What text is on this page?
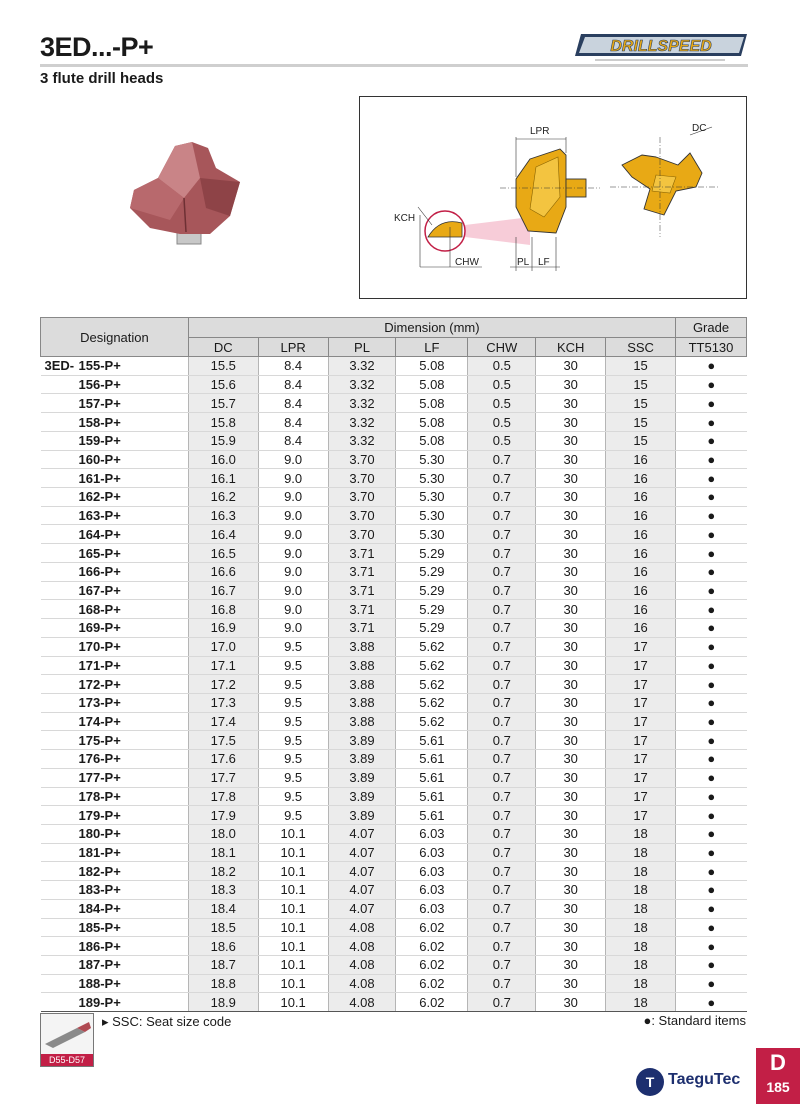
3ED...-P+
3 flute drill heads
DRILLSPEED
KCH
CHW
LPR
PL LF
DC
Designation	Dimension (mm)							Grade
	DC	LPR	PL	LF	CHW	KCH	SSC	TT5130
3ED- 155-P+	15.5	8.4	3.32	5.08	0.5	30	15	●
156-P+	15.6	8.4	3.32	5.08	0.5	30	15	●
157-P+	15.7	8.4	3.32	5.08	0.5	30	15	●
158-P+	15.8	8.4	3.32	5.08	0.5	30	15	●
159-P+	15.9	8.4	3.32	5.08	0.5	30	15	●
160-P+	16.0	9.0	3.70	5.30	0.7	30	16	●
161-P+	16.1	9.0	3.70	5.30	0.7	30	16	●
162-P+	16.2	9.0	3.70	5.30	0.7	30	16	●
163-P+	16.3	9.0	3.70	5.30	0.7	30	16	●
164-P+	16.4	9.0	3.70	5.30	0.7	30	16	●
165-P+	16.5	9.0	3.71	5.29	0.7	30	16	●
166-P+	16.6	9.0	3.71	5.29	0.7	30	16	●
167-P+	16.7	9.0	3.71	5.29	0.7	30	16	●
168-P+	16.8	9.0	3.71	5.29	0.7	30	16	●
169-P+	16.9	9.0	3.71	5.29	0.7	30	16	●
170-P+	17.0	9.5	3.88	5.62	0.7	30	17	●
171-P+	17.1	9.5	3.88	5.62	0.7	30	17	●
172-P+	17.2	9.5	3.88	5.62	0.7	30	17	●
173-P+	17.3	9.5	3.88	5.62	0.7	30	17	●
174-P+	17.4	9.5	3.88	5.62	0.7	30	17	●
175-P+	17.5	9.5	3.89	5.61	0.7	30	17	●
176-P+	17.6	9.5	3.89	5.61	0.7	30	17	●
177-P+	17.7	9.5	3.89	5.61	0.7	30	17	●
178-P+	17.8	9.5	3.89	5.61	0.7	30	17	●
179-P+	17.9	9.5	3.89	5.61	0.7	30	17	●
180-P+	18.0	10.1	4.07	6.03	0.7	30	18	●
181-P+	18.1	10.1	4.07	6.03	0.7	30	18	●
182-P+	18.2	10.1	4.07	6.03	0.7	30	18	●
183-P+	18.3	10.1	4.07	6.03	0.7	30	18	●
184-P+	18.4	10.1	4.07	6.03	0.7	30	18	●
185-P+	18.5	10.1	4.08	6.02	0.7	30	18	●
186-P+	18.6	10.1	4.08	6.02	0.7	30	18	●
187-P+	18.7	10.1	4.08	6.02	0.7	30	18	●
188-P+	18.8	10.1	4.08	6.02	0.7	30	18	●
189-P+	18.9	10.1	4.08	6.02	0.7	30	18	●
D55-D57
▸ SSC: Seat size code	●: Standard items
T TaeguTec
D
185
